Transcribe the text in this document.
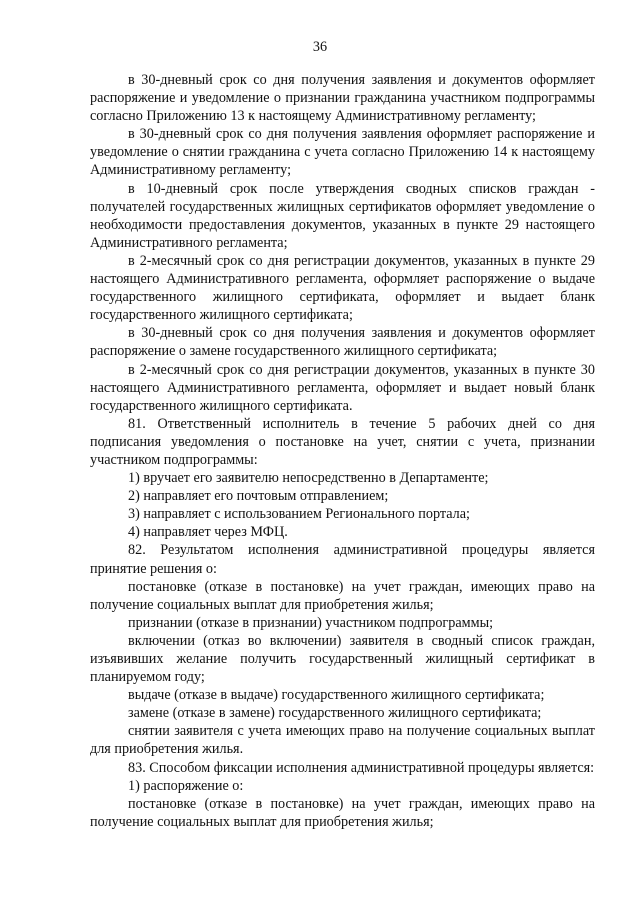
36

в 30-дневный срок со дня получения заявления и документов оформляет распоряжение и уведомление о признании гражданина участником подпрограммы согласно Приложению 13 к настоящему Административному регламенту;

в 30-дневный срок со дня получения заявления оформляет распоряжение и уведомление о снятии гражданина с учета согласно Приложению 14 к настоящему Административному регламенту;

в 10-дневный срок после утверждения сводных списков граждан - получателей государственных жилищных сертификатов оформляет уведомление о необходимости предоставления документов, указанных в пункте 29 настоящего Административного регламента;

в 2-месячный срок со дня регистрации документов, указанных в пункте 29 настоящего Административного регламента, оформляет распоряжение о выдаче государственного жилищного сертификата, оформляет и выдает бланк государственного жилищного сертификата;

в 30-дневный срок со дня получения заявления и документов оформляет распоряжение о замене государственного жилищного сертификата;

в 2-месячный срок со дня регистрации документов, указанных в пункте 30 настоящего Административного регламента, оформляет и выдает новый бланк государственного жилищного сертификата.

81. Ответственный исполнитель в течение 5 рабочих дней со дня подписания уведомления о постановке на учет, снятии с учета, признании участником подпрограммы:

1) вручает его заявителю непосредственно в Департаменте;

2) направляет его почтовым отправлением;

3) направляет с использованием Регионального портала;

4) направляет через МФЦ.

82. Результатом исполнения административной процедуры является принятие решения о:

постановке (отказе в постановке) на учет граждан, имеющих право на получение социальных выплат для приобретения жилья;

признании (отказе в признании) участником подпрограммы;

включении (отказ во включении) заявителя в сводный список граждан, изъявивших желание получить государственный жилищный сертификат в планируемом году;

выдаче (отказе в выдаче) государственного жилищного сертификата;

замене (отказе в замене) государственного жилищного сертификата;

снятии заявителя с учета имеющих право на получение социальных выплат для приобретения жилья.

83. Способом фиксации исполнения административной процедуры является:

1) распоряжение о:

постановке (отказе в постановке) на учет граждан, имеющих право на получение социальных выплат для приобретения жилья;
